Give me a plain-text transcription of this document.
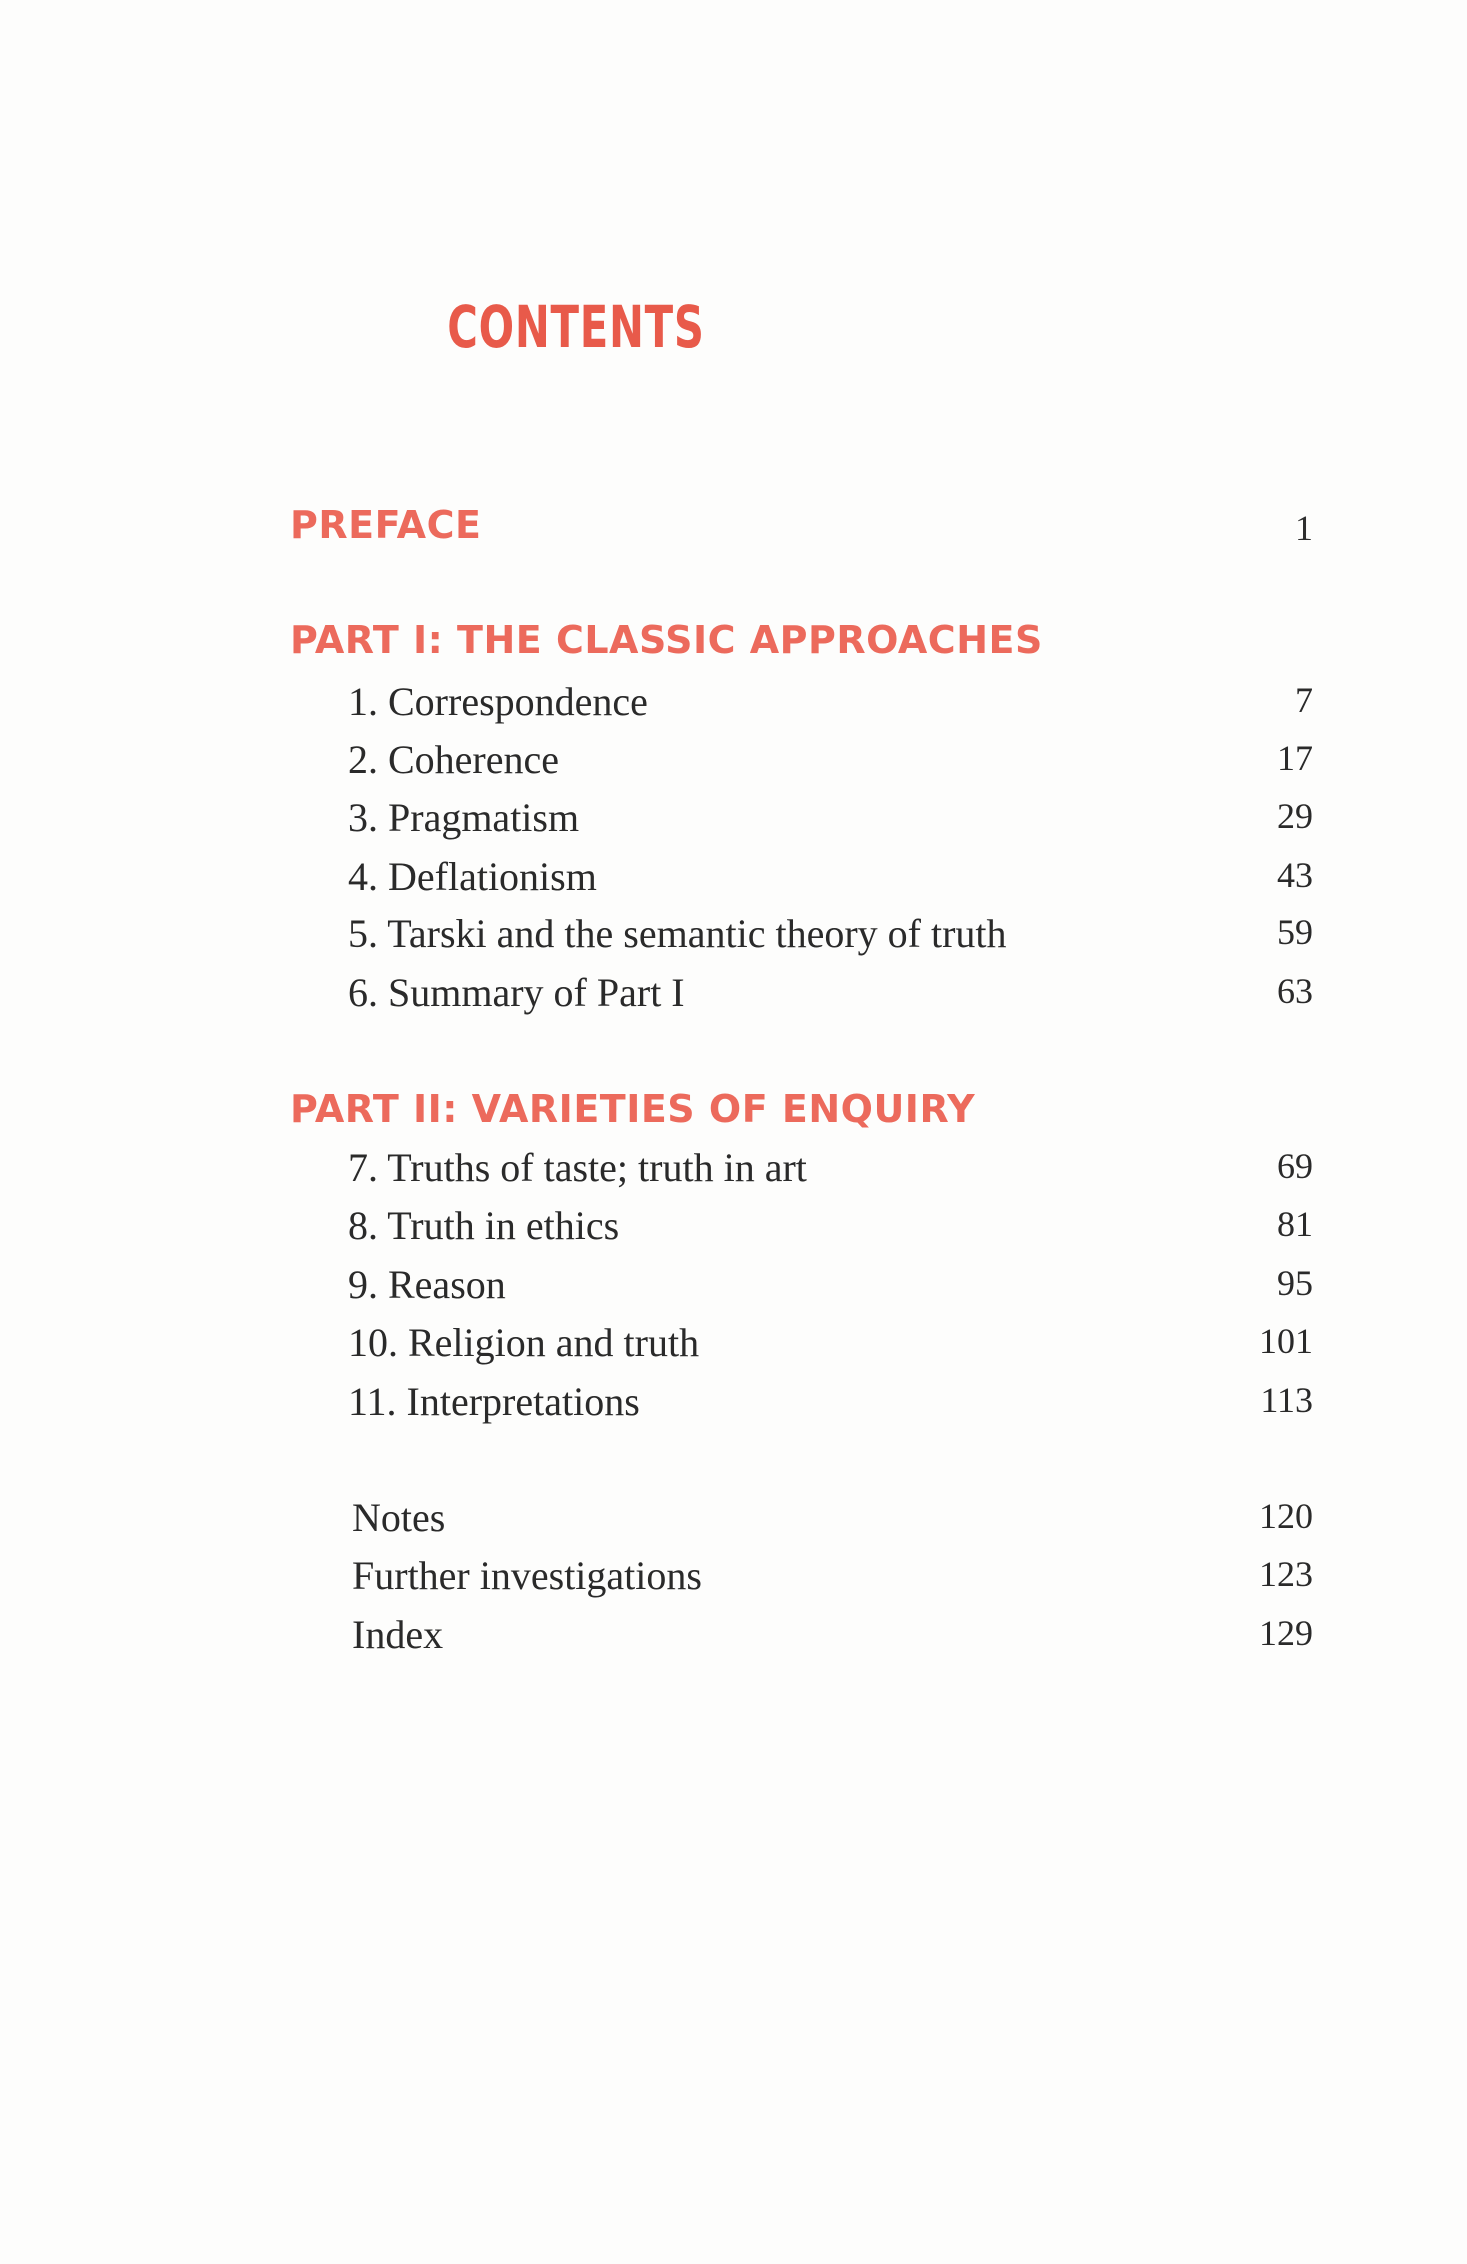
CONTENTS
PREFACE	1
PART I: THE CLASSIC APPROACHES
1. Correspondence	7
2. Coherence	17
3. Pragmatism	29
4. Deflationism	43
5. Tarski and the semantic theory of truth	59
6. Summary of Part I	63
PART II: VARIETIES OF ENQUIRY
7. Truths of taste; truth in art	69
8. Truth in ethics	81
9. Reason	95
10. Religion and truth	101
11. Interpretations	113
Notes	120
Further investigations	123
Index	129
